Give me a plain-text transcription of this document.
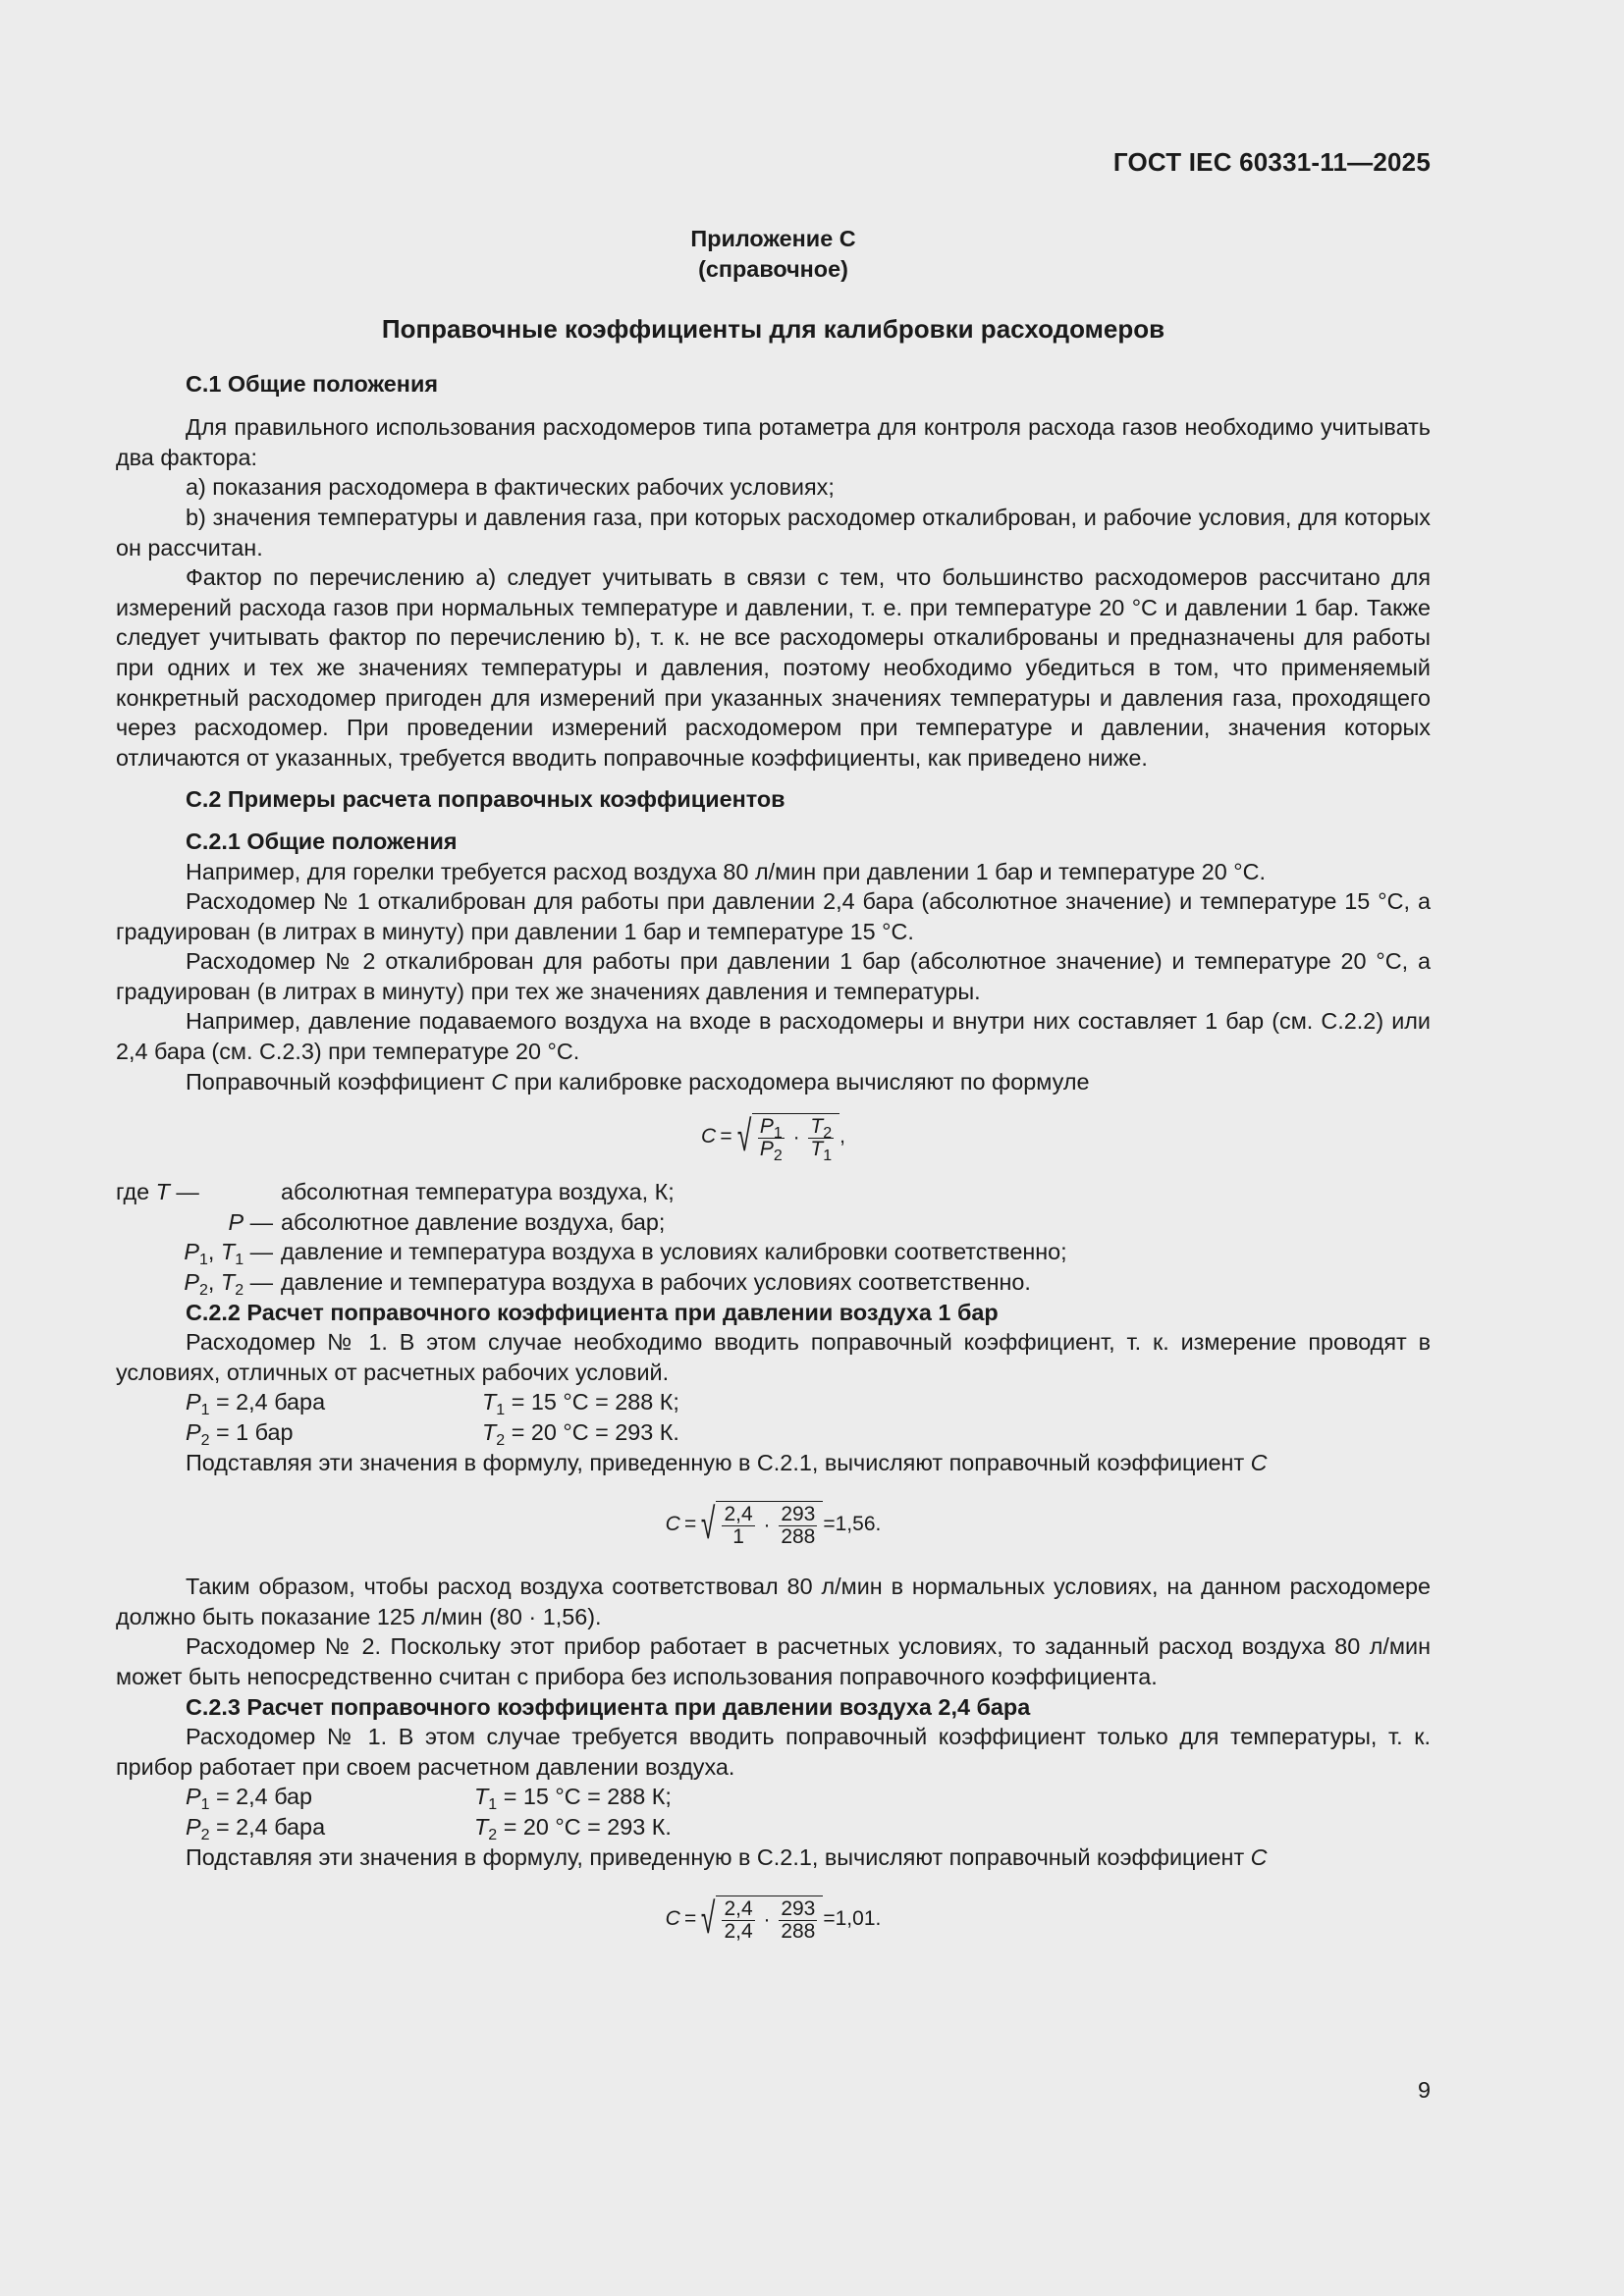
ГОСТ IEC 60331-11—2025
Приложение С
(справочное)
Поправочные коэффициенты для калибровки расходомеров
С.1 Общие положения

Для правильного использования расходомеров типа ротаметра для контроля расхода газов необходимо учитывать два фактора:

a) показания расходомера в фактических рабочих условиях;

b) значения температуры и давления газа, при которых расходомер откалиброван, и рабочие условия, для которых он рассчитан.

Фактор по перечислению a) следует учитывать в связи с тем, что большинство расходомеров рассчитано для измерений расхода газов при нормальных температуре и давлении, т. е. при температуре 20 °С и давлении 1 бар. Также следует учитывать фактор по перечислению b), т. к. не все расходомеры откалиброваны и предназначены для работы при одних и тех же значениях температуры и давления, поэтому необходимо убедиться в том, что применяемый конкретный расходомер пригоден для измерений при указанных значениях температуры и давления газа, проходящего через расходомер. При проведении измерений расходомером при температуре и давлении, значения которых отличаются от указанных, требуется вводить поправочные коэффициенты, как приведено ниже.

С.2 Примеры расчета поправочных коэффициентов
С.2.1 Общие положения

Например, для горелки требуется расход воздуха 80 л/мин при давлении 1 бар и температуре 20 °С.

Расходомер № 1 откалиброван для работы при давлении 2,4 бара (абсолютное значение) и температуре 15 °С, а градуирован (в литрах в минуту) при давлении 1 бар и температуре 15 °С.

Расходомер № 2 откалиброван для работы при давлении 1 бар (абсолютное значение) и температуре 20 °С, а градуирован (в литрах в минуту) при тех же значениях давления и температуры.

Например, давление подаваемого воздуха на входе в расходомеры и внутри них составляет 1 бар (см. С.2.2) или 2,4 бара (см. С.2.3) при температуре 20 °С.

Поправочный коэффициент C при калибровке расходомера вычисляют по формуле

C  = √ $\frac{P_1}{P_2} \cdot \frac{T_2}{T_1}$ ,
где T —	абсолютная температура воздуха, К;
P — абсолютное давление воздуха, бар;
$P_1$, $T_1$ — давление и температура воздуха в условиях калибровки соответственно;
$P_2$, $T_2$ — давление и температура воздуха в рабочих условиях соответственно.
С.2.2 Расчет поправочного коэффициента при давлении воздуха 1 бар

Расходомер № 1. В этом случае необходимо вводить поправочный коэффициент, т. к. измерение проводят в условиях, отличных от расчетных рабочих условий.

$P_1 = 2,4$ бара	$T_1 = 15$ °С = 288 К;
$P_2 = 1$ бар	$T_2 = 20$ °С = 293 К.

Подставляя эти значения в формулу, приведенную в С.2.1, вычисляют поправочный коэффициент C

C  = √ $\frac{2,4}{1} \cdot \frac{293}{288} =1,56$.

Таким образом, чтобы расход воздуха соответствовал 80 л/мин в нормальных условиях, на данном расходомере должно быть показание 125 л/мин (80 · 1,56).

Расходомер № 2. Поскольку этот прибор работает в расчетных условиях, то заданный расход воздуха 80 л/мин может быть непосредственно считан с прибора без использования поправочного коэффициента.

С.2.3 Расчет поправочного коэффициента при давлении воздуха 2,4 бара

Расходомер № 1. В этом случае требуется вводить поправочный коэффициент только для температуры, т. к. прибор работает при своем расчетном давлении воздуха.

$P_1 = 2,4$ бар	$T_1 = 15$ °С = 288 К;
$P_2 = 2,4$ бара	$T_2 = 20$ °С = 293 К.

Подставляя эти значения в формулу, приведенную в С.2.1, вычисляют поправочный коэффициент C

C  = √ $\frac{2,4}{2,4} \cdot \frac{293}{288} =1,01$.
9
